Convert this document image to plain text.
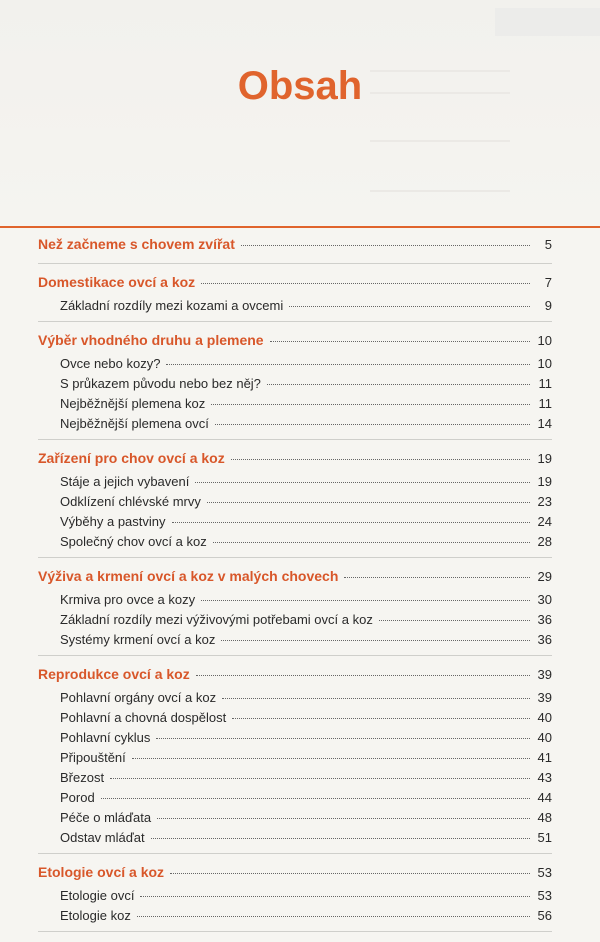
Obsah
Než začneme s chovem zvířat	5
Domestikace ovcí a koz	7
Základní rozdíly mezi kozami a ovcemi	9
Výběr vhodného druhu a plemene	10
Ovce nebo kozy?	10
S průkazem původu nebo bez něj?	11
Nejběžnější plemena koz	11
Nejběžnější plemena ovcí	14
Zařízení pro chov ovcí a koz	19
Stáje a jejich vybavení	19
Odklízení chlévské mrvy	23
Výběhy a pastviny	24
Společný chov ovcí a koz	28
Výživa a krmení ovcí a koz v malých chovech	29
Krmiva pro ovce a kozy	30
Základní rozdíly mezi výživovými potřebami ovcí a koz	36
Systémy krmení ovcí a koz	36
Reprodukce ovcí a koz	39
Pohlavní orgány ovcí a koz	39
Pohlavní a chovná dospělost	40
Pohlavní cyklus	40
Připouštění	41
Březost	43
Porod	44
Péče o mláďata	48
Odstav mláďat	51
Etologie ovcí a koz	53
Etologie ovcí	53
Etologie koz	56
